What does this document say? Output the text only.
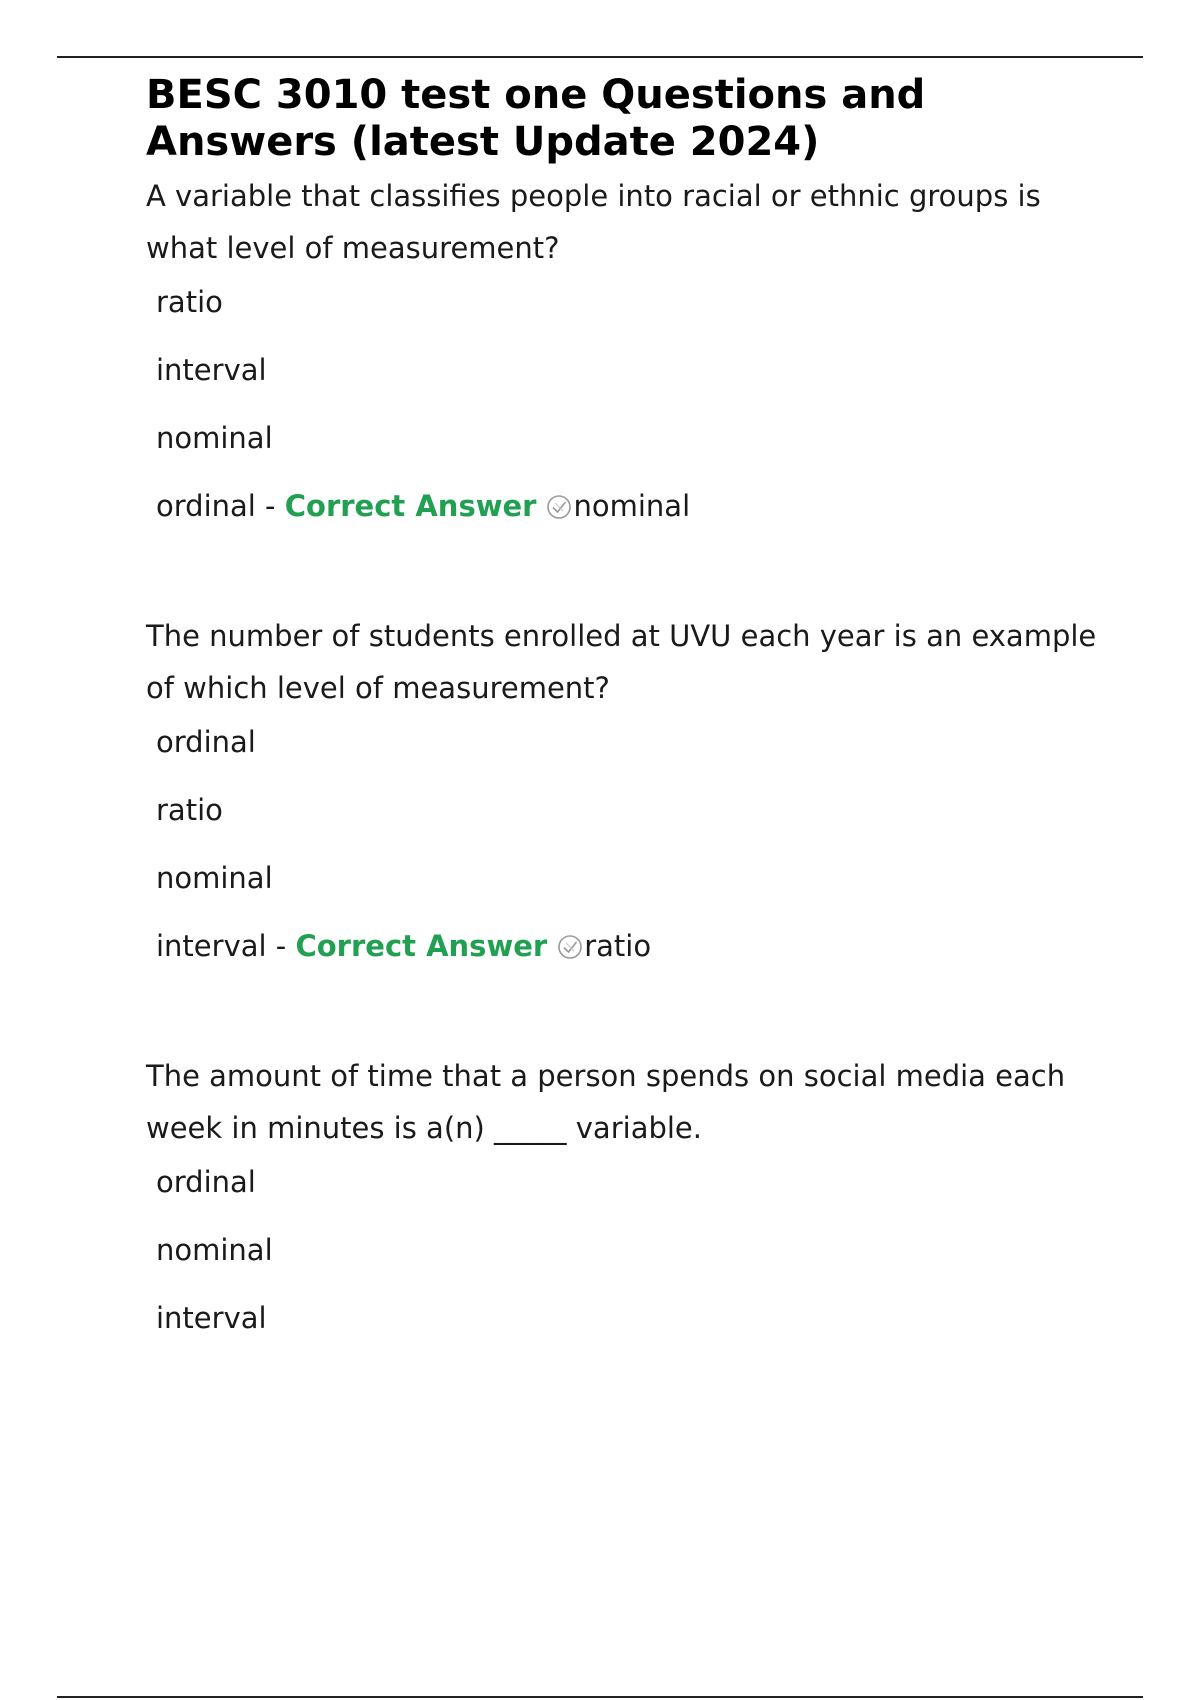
BESC 3010 test one Questions and Answers (latest Update 2024)

A variable that classifies people into racial or ethnic groups is what level of measurement?

ratio
interval
nominal
ordinal - Correct Answer nominal

The number of students enrolled at UVU each year is an example of which level of measurement?

ordinal
ratio
nominal
interval - Correct Answer ratio

The amount of time that a person spends on social media each week in minutes is a(n) _____ variable.

ordinal
nominal
interval
